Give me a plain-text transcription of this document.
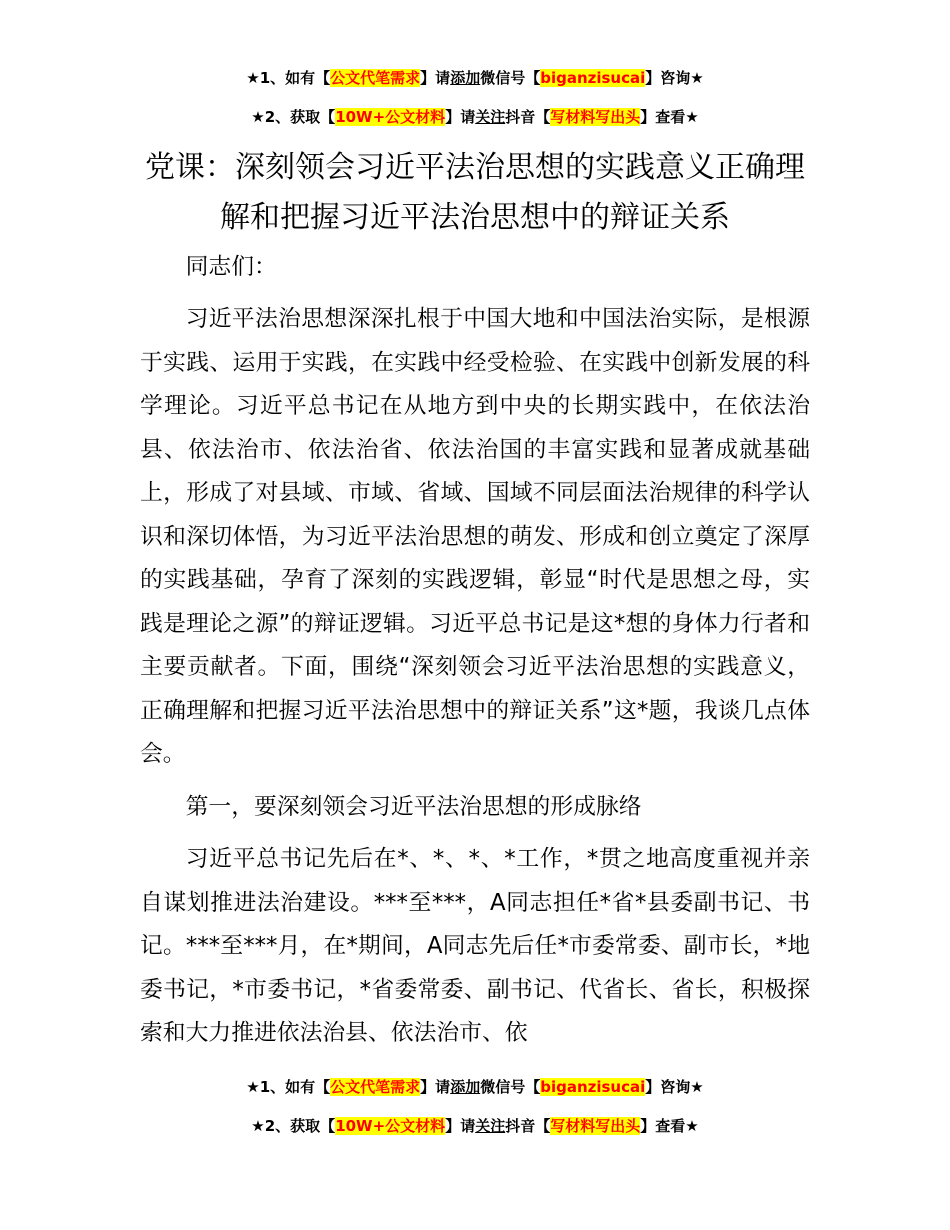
★1、如有【公文代笔需求】请添加微信号【biganzisucai】咨询★
★2、获取【10W+公文材料】请关注抖音【写材料写出头】查看★
党课：深刻领会习近平法治思想的实践意义正确理解和把握习近平法治思想中的辩证关系
同志们：
习近平法治思想深深扎根于中国大地和中国法治实际，是根源于实践、运用于实践，在实践中经受检验、在实践中创新发展的科学理论。习近平总书记在从地方到中央的长期实践中，在依法治县、依法治市、依法治省、依法治国的丰富实践和显著成就基础上，形成了对县域、市域、省域、国域不同层面法治规律的科学认识和深切体悟，为习近平法治思想的萌发、形成和创立奠定了深厚的实践基础，孕育了深刻的实践逻辑，彰显“时代是思想之母，实践是理论之源”的辩证逻辑。习近平总书记是这*想的身体力行者和主要贡献者。下面，围绕“深刻领会习近平法治思想的实践意义，正确理解和把握习近平法治思想中的辩证关系”这*题，我谈几点体会。
第一，要深刻领会习近平法治思想的形成脉络
习近平总书记先后在*、*、*、*工作，*贯之地高度重视并亲自谋划推进法治建设。***至***，A同志担任*省*县委副书记、书记。***至***月，在*期间，A同志先后任*市委常委、副市长，*地委书记，*市委书记，*省委常委、副书记、代省长、省长，积极探索和大力推进依法治县、依法治市、依
★1、如有【公文代笔需求】请添加微信号【biganzisucai】咨询★
★2、获取【10W+公文材料】请关注抖音【写材料写出头】查看★
